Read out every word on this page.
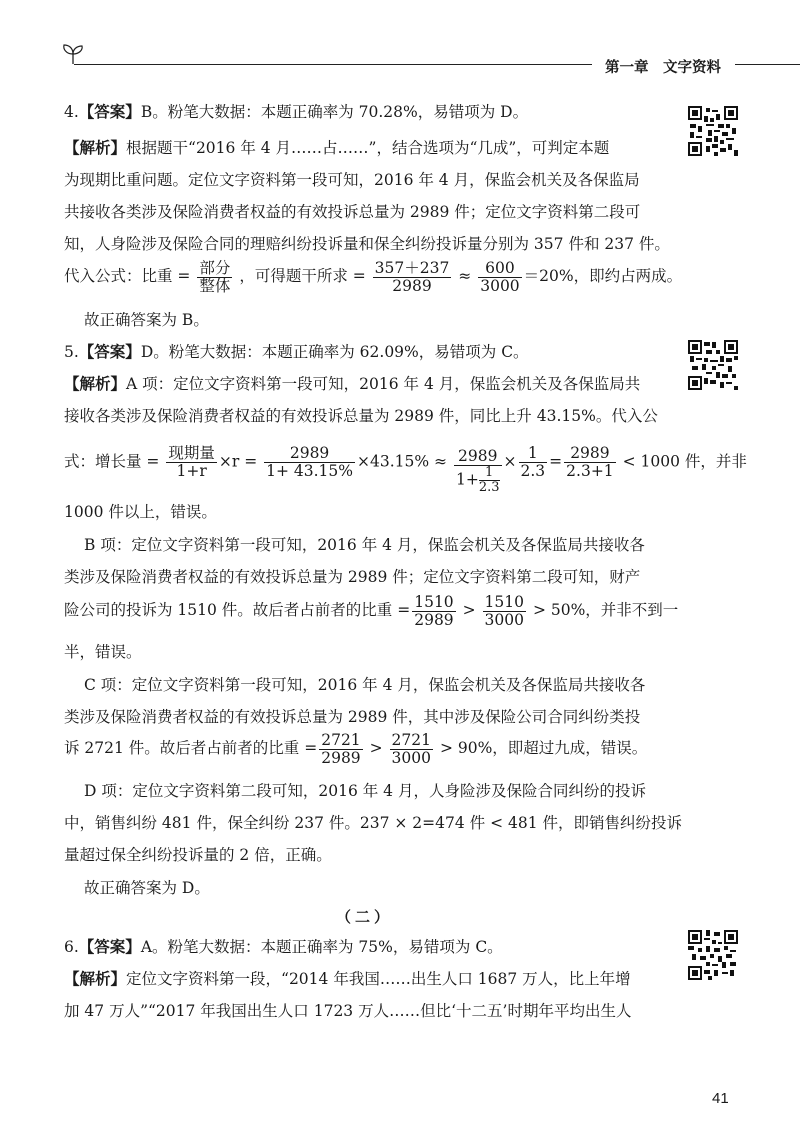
第一章　文字资料
4.【答案】B。粉笔大数据：本题正确率为 70.28%，易错项为 D。
【解析】根据题干“2016 年 4 月……占……”，结合选项为“几成”，可判定本题
为现期比重问题。定位文字资料第一段可知，2016 年 4 月，保监会机关及各保监局
共接收各类涉及保险消费者权益的有效投诉总量为 2989 件；定位文字资料第二段可
知，人身险涉及保险合同的理赔纠纷投诉量和保全纠纷投诉量分别为 357 件和 237 件。
代入公式：比重 = $\frac{\text{部分}}{\text{整体}}$ ，可得题干所求 = $\frac{357+237}{2989} \approx \frac{600}{3000} =20\%$，即约占两成。
故正确答案为 B。
5.【答案】D。粉笔大数据：本题正确率为 62.09%，易错项为 C。
【解析】A 项：定位文字资料第一段可知，2016 年 4 月，保监会机关及各保监局共
接收各类涉及保险消费者权益的有效投诉总量为 2989 件，同比上升 43.15%。代入公
式：增长量 = $\frac{\text{现期量}}{1+r} \times r = \frac{2989}{1+ 43.15\%} \times 43.15\% \approx \frac{2989}{1+ \frac{1}{2.3}} \times \frac{1}{2.3} = \frac{2989}{2.3+1} < 1000$ 件，并非
1000 件以上，错误。
B 项：定位文字资料第一段可知，2016 年 4 月，保监会机关及各保监局共接收各
类涉及保险消费者权益的有效投诉总量为 2989 件；定位文字资料第二段可知，财产
险公司的投诉为 1510 件。故后者占前者的比重 = $\frac{1510}{2989} > \frac{1510}{3000} > 50\%$，并非不到一
半，错误。
C 项：定位文字资料第一段可知，2016 年 4 月，保监会机关及各保监局共接收各
类涉及保险消费者权益的有效投诉总量为 2989 件，其中涉及保险公司合同纠纷类投
诉 2721 件。故后者占前者的比重 = $\frac{2721}{2989} > \frac{2721}{3000} > 90\%$，即超过九成，错误。
D 项：定位文字资料第二段可知，2016 年 4 月，人身险涉及保险合同纠纷的投诉
中，销售纠纷 481 件，保全纠纷 237 件。237 × 2=474 件 < 481 件，即销售纠纷投诉
量超过保全纠纷投诉量的 2 倍，正确。
故正确答案为 D。
（二）
6.【答案】A。粉笔大数据：本题正确率为 75%，易错项为 C。
【解析】定位文字资料第一段，“2014 年我国……出生人口 1687 万人，比上年增
加 47 万人”“2017 年我国出生人口 1723 万人……但比‘十二五’时期年平均出生人
41
